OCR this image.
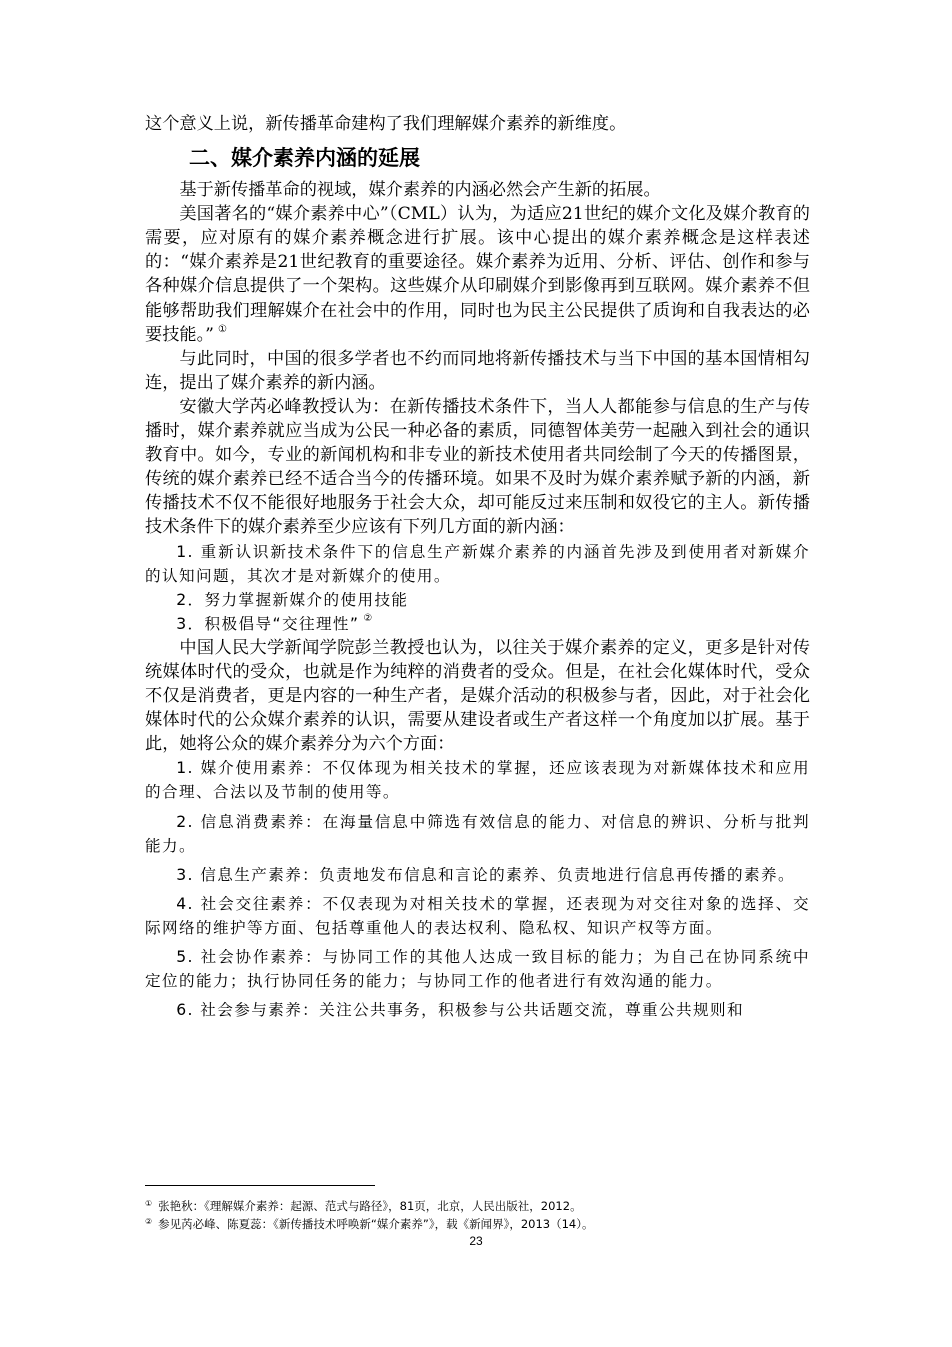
这个意义上说，新传播革命建构了我们理解媒介素养的新维度。

二、媒介素养内涵的延展

基于新传播革命的视域，媒介素养的内涵必然会产生新的拓展。

美国著名的“媒介素养中心”（CML）认为，为适应21世纪的媒介文化及媒介教育的需要，应对原有的媒介素养概念进行扩展。该中心提出的媒介素养概念是这样表述的：“媒介素养是21世纪教育的重要途径。媒介素养为近用、分析、评估、创作和参与各种媒介信息提供了一个架构。这些媒介从印刷媒介到影像再到互联网。媒介素养不但能够帮助我们理解媒介在社会中的作用，同时也为民主公民提供了质询和自我表达的必要技能。” ①

与此同时，中国的很多学者也不约而同地将新传播技术与当下中国的基本国情相勾连，提出了媒介素养的新内涵。

安徽大学芮必峰教授认为：在新传播技术条件下，当人人都能参与信息的生产与传播时，媒介素养就应当成为公民一种必备的素质，同德智体美劳一起融入到社会的通识教育中。如今，专业的新闻机构和非专业的新技术使用者共同绘制了今天的传播图景，传统的媒介素养已经不适合当今的传播环境。如果不及时为媒介素养赋予新的内涵，新传播技术不仅不能很好地服务于社会大众，却可能反过来压制和奴役它的主人。新传播技术条件下的媒介素养至少应该有下列几方面的新内涵：

1. 重新认识新技术条件下的信息生产新媒介素养的内涵首先涉及到使用者对新媒介的认知问题，其次才是对新媒介的使用。

2．努力掌握新媒介的使用技能

3．积极倡导“交往理性” ②

中国人民大学新闻学院彭兰教授也认为，以往关于媒介素养的定义，更多是针对传统媒体时代的受众，也就是作为纯粹的消费者的受众。但是，在社会化媒体时代，受众不仅是消费者，更是内容的一种生产者，是媒介活动的积极参与者，因此，对于社会化媒体时代的公众媒介素养的认识，需要从建设者或生产者这样一个角度加以扩展。基于此，她将公众的媒介素养分为六个方面：

1. 媒介使用素养：不仅体现为相关技术的掌握，还应该表现为对新媒体技术和应用的合理、合法以及节制的使用等。

2. 信息消费素养：在海量信息中筛选有效信息的能力、对信息的辨识、分析与批判能力。

3. 信息生产素养：负责地发布信息和言论的素养、负责地进行信息再传播的素养。

4. 社会交往素养：不仅表现为对相关技术的掌握，还表现为对交往对象的选择、交际网络的维护等方面、包括尊重他人的表达权利、隐私权、知识产权等方面。

5. 社会协作素养：与协同工作的其他人达成一致目标的能力；为自己在协同系统中定位的能力；执行协同任务的能力；与协同工作的他者进行有效沟通的能力。

6. 社会参与素养：关注公共事务，积极参与公共话题交流，尊重公共规则和

① 张艳秋：《理解媒介素养：起源、范式与路径》，81页，北京，人民出版社，2012。

② 参见芮必峰、陈夏蕊：《新传播技术呼唤新“媒介素养”》，载《新闻界》，2013（14）。

23
